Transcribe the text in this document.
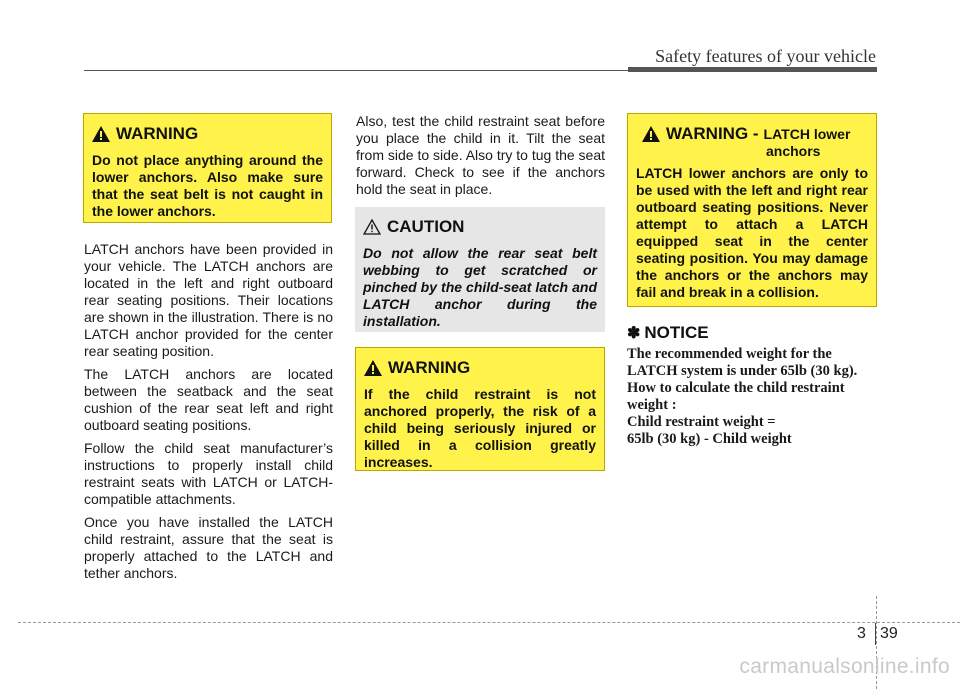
Safety features of your vehicle
WARNING
Do not place anything around the lower anchors. Also make sure that the seat belt is not caught in the lower anchors.

LATCH anchors have been provided in your vehicle. The LATCH anchors are located in the left and right outboard rear seating positions. Their locations are shown in the illustration. There is no LATCH anchor provided for the center rear seating position.

The LATCH anchors are located between the seatback and the seat cushion of the rear seat left and right outboard seating positions.

Follow the child seat manufacturer’s instructions to properly install child restraint seats with LATCH or LATCH-compatible attachments.

Once you have installed the LATCH child restraint, assure that the seat is properly attached to the LATCH and tether anchors.

Also, test the child restraint seat before you place the child in it. Tilt the seat from side to side. Also try to tug the seat forward. Check to see if the anchors hold the seat in place.

CAUTION
Do not allow the rear seat belt webbing to get scratched or pinched by the child-seat latch and LATCH anchor during the installation.
WARNING
If the child restraint is not anchored properly, the risk of a child being seriously injured or killed in a collision greatly increases.
WARNING - LATCH lower
anchors
LATCH lower anchors are only to be used with the left and right rear outboard seating positions. Never attempt to attach a LATCH equipped seat in the center seating position. You may damage the anchors or the anchors may fail and break in a collision.
✽ NOTICE
The recommended weight for the
LATCH system is under 65lb (30 kg).
How to calculate the child restraint
weight :
Child restraint weight =
65lb (30 kg) - Child weight
3 39
carmanualsonline.info
